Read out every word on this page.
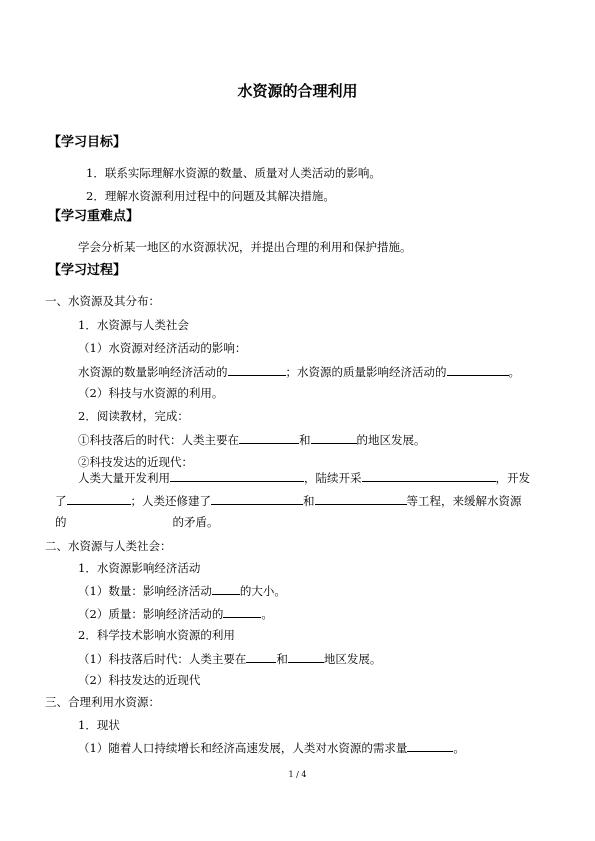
水资源的合理利用
【学习目标】
1．联系实际理解水资源的数量、质量对人类活动的影响。
2．理解水资源利用过程中的问题及其解决措施。
【学习重难点】
学会分析某一地区的水资源状况，并提出合理的利用和保护措施。
【学习过程】
一、水资源及其分布：
1．水资源与人类社会
（1）水资源对经济活动的影响：
水资源的数量影响经济活动的	；水资源的质量影响经济活动的	。
（2）科技与水资源的利用。
2．阅读教材，完成：
①科技落后的时代：人类主要在	和	的地区发展。
②科技发达的近现代：
人类大量开发利用	，陆续开采	，开发
了	；人类还修建了	和	等工程，来缓解水资源
的	的矛盾。
二、水资源与人类社会：
1．水资源影响经济活动
（1）数量：影响经济活动 的大小。
（2）质量：影响经济活动的	。
2．科学技术影响水资源的利用
（1）科技落后时代：人类主要在	和	地区发展。
（2）科技发达的近现代
三、合理利用水资源：
1．现状
（1）随着人口持续增长和经济高速发展，人类对水资源的需求量	。
1 / 4
